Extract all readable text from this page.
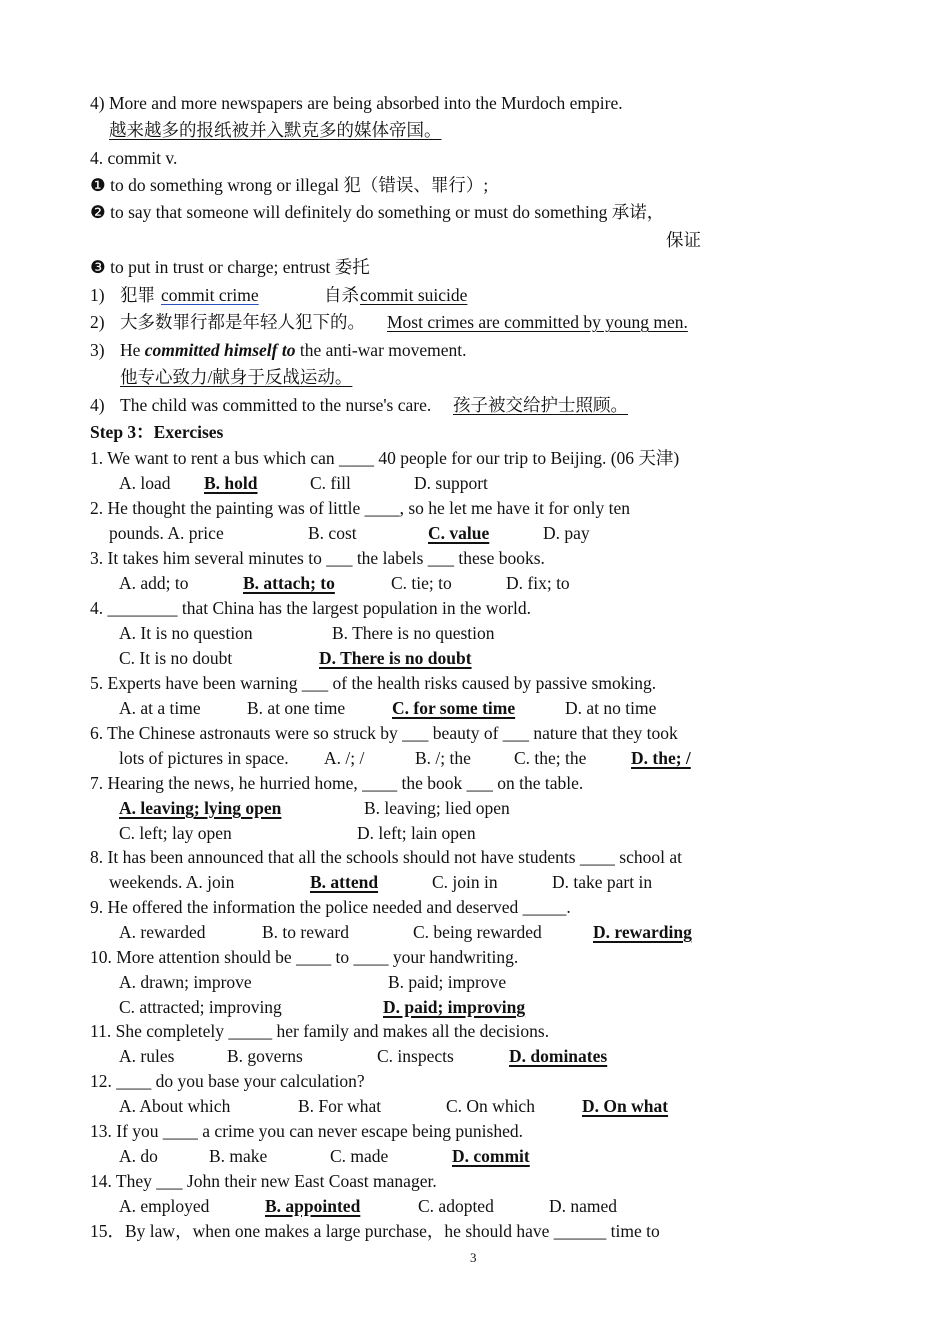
4) More and more newspapers are being absorbed into the Murdoch empire.
越来越多的报纸被并入默克多的媒体帝国。
4. commit v.
❶ to do something wrong or illegal 犯（错误、罪行）;
❷ to say that someone will definitely do something or must do something 承诺，
保证
❸ to put in trust or charge; entrust 委托
1) 犯罪 commit crime	自杀 commit suicide
2) 大多数罪行都是年轻人犯下的。 Most crimes are committed by young men.
3) He committed himself to the anti-war movement.
他专心致力/献身于反战运动。
4) The child was committed to the nurse's care. 孩子被交给护士照顾。
Step 3：Exercises
1. We want to rent a bus which can ____ 40 people for our trip to Beijing. (06 天津)
A. load B. hold	C. fill	D. support
2. He thought the painting was of little ____, so he let me have it for only ten
pounds. A. price	B. cost	C. value	D. pay
3. It takes him several minutes to ___ the labels ___ these books.
A. add; to	B. attach; to	C. tie; to	D. fix; to
4. ________ that China has the largest population in the world.
A. It is no question	B. There is no question
C. It is no doubt	D. There is no doubt
5. Experts have been warning ___ of the health risks caused by passive smoking.
A. at a time	B. at one time	C. for some time	D. at no time
6. The Chinese astronauts were so struck by ___ beauty of ___ nature that they took
lots of pictures in space. A. /; /	B. /; the C. the; the	D. the; /
7. Hearing the news, he hurried home, ____ the book ___ on the table.
A. leaving; lying open	B. leaving; lied open
C. left; lay open	D. left; lain open
8. It has been announced that all the schools should not have students ____ school at
weekends. A. join	B. attend	C. join in	D. take part in
9. He offered the information the police needed and deserved _____.
A. rewarded	B. to reward	C. being rewarded	D. rewarding
10. More attention should be ____ to ____ your handwriting.
A. drawn; improve	B. paid; improve
C. attracted; improving	D. paid; improving
11. She completely _____ her family and makes all the decisions.
A. rules	B. governs	C. inspects	D. dominates
12. ____ do you base your calculation?
A. About which	B. For what	C. On which	D. On what
13. If you ____ a crime you can never escape being punished.
A. do	B. make	C. made	D. commit
14. They ___ John their new East Coast manager.
A. employed	B. appointed	C. adopted	D. named
15．By law，when one makes a large purchase，he should have ______ time to
3
